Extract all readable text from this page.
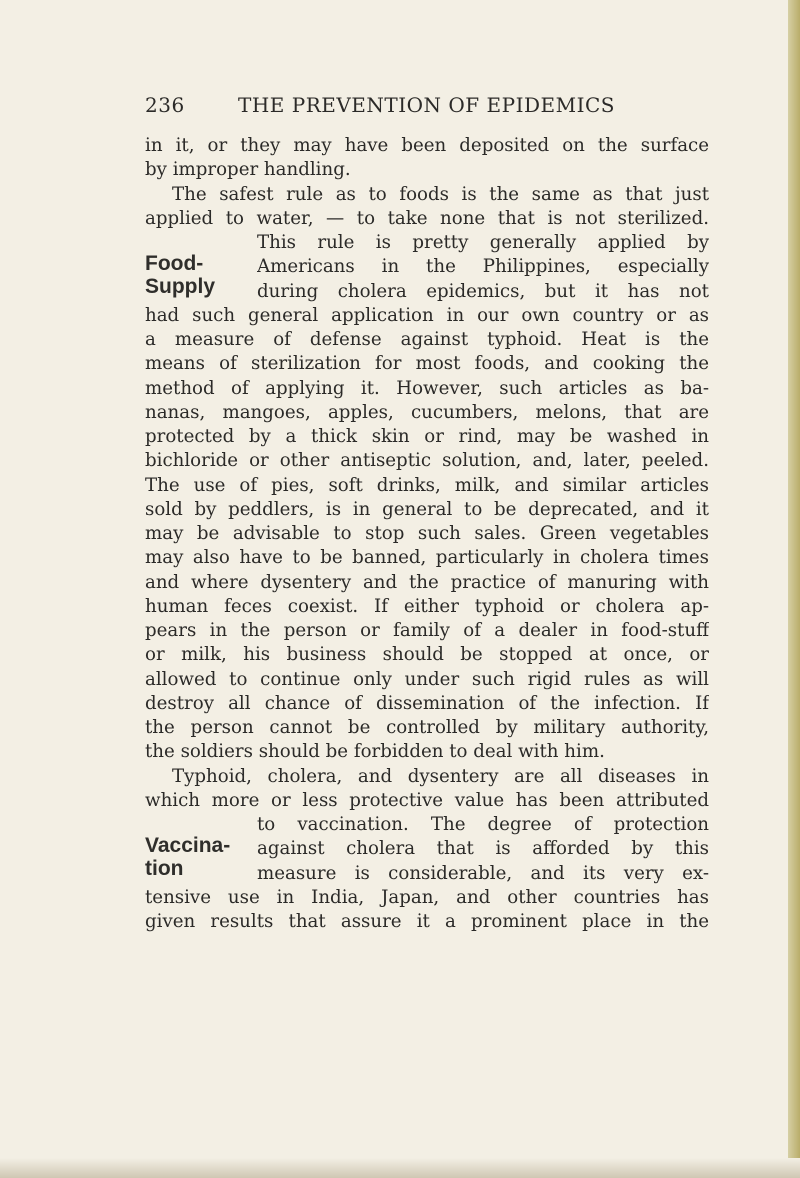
236	THE PREVENTION OF EPIDEMICS
Food-
Supply
Vaccina-
tion
in it, or they may have been deposited on the surface
by improper handling.
The safest rule as to foods is the same as that just
applied to water, — to take none that is not sterilized.
This rule is pretty generally applied by
Americans in the Philippines, especially
during cholera epidemics, but it has not
had such general application in our own country or as
a measure of defense against typhoid. Heat is the
means of sterilization for most foods, and cooking the
method of applying it. However, such articles as ba-
nanas, mangoes, apples, cucumbers, melons, that are
protected by a thick skin or rind, may be washed in
bichloride or other antiseptic solution, and, later, peeled.
The use of pies, soft drinks, milk, and similar articles
sold by peddlers, is in general to be deprecated, and it
may be advisable to stop such sales. Green vegetables
may also have to be banned, particularly in cholera times
and where dysentery and the practice of manuring with
human feces coexist. If either typhoid or cholera ap-
pears in the person or family of a dealer in food-stuff
or milk, his business should be stopped at once, or
allowed to continue only under such rigid rules as will
destroy all chance of dissemination of the infection. If
the person cannot be controlled by military authority,
the soldiers should be forbidden to deal with him.
Typhoid, cholera, and dysentery are all diseases in
which more or less protective value has been attributed
to vaccination. The degree of protection
against cholera that is afforded by this
measure is considerable, and its very ex-
tensive use in India, Japan, and other countries has
given results that assure it a prominent place in the
